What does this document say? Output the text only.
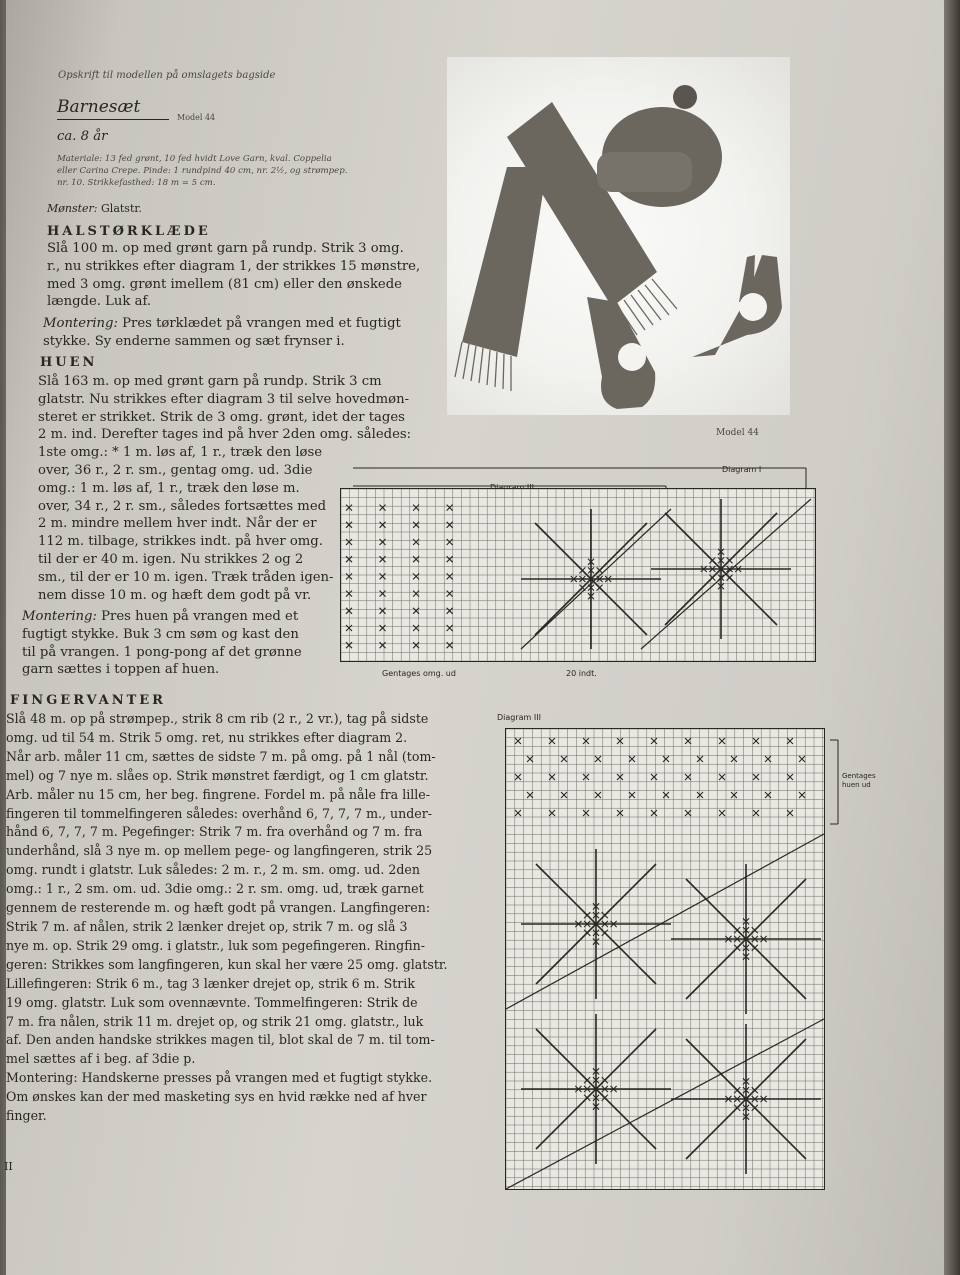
Opskrift til modellen på omslagets bagside

Barnesæt

Model 44

ca. 8 år

Materiale: 13 fed grønt, 10 fed hvidt Love Garn, kval. Coppelia
eller Carina Crepe. Pinde: 1 rundpind 40 cm, nr. 2½, og strømpep.
nr. 10. Strikkefasthed: 18 m = 5 cm.

Mønster: Glatstr.

HALSTØRKLÆDE

Slå 100 m. op med grønt garn på rundp. Strik 3 omg.
r., nu strikkes efter diagram 1, der strikkes 15 mønstre,
med 3 omg. grønt imellem (81 cm) eller den ønskede
længde. Luk af.
Montering: Pres tørklædet på vrangen med et fugtigt
stykke. Sy enderne sammen og sæt frynser i.

HUEN

Slå 163 m. op med grønt garn på rundp. Strik 3 cm
glatstr. Nu strikkes efter diagram 3 til selve hovedmøn-
steret er strikket. Strik de 3 omg. grønt, idet der tages
2 m. ind. Derefter tages ind på hver 2den omg. således:
1ste omg.: * 1 m. løs af, 1 r., træk den løse
over, 36 r., 2 r. sm., gentag omg. ud. 3die
omg.: 1 m. løs af, 1 r., træk den løse m.
over, 34 r., 2 r. sm., således fortsættes med
2 m. mindre mellem hver indt. Når der er
112 m. tilbage, strikkes indt. på hver omg.
til der er 40 m. igen. Nu strikkes 2 og 2
sm., til der er 10 m. igen. Træk tråden igen-
nem disse 10 m. og hæft dem godt på vr.
Montering: Pres huen på vrangen med et
fugtigt stykke. Buk 3 cm søm og kast den
til på vrangen. 1 pong-pong af det grønne
garn sættes i toppen af huen.

FINGERVANTER

Slå 48 m. op på strømpep., strik 8 cm rib (2 r., 2 vr.), tag på sidste
omg. ud til 54 m. Strik 5 omg. ret, nu strikkes efter diagram 2.
Når arb. måler 11 cm, sættes de sidste 7 m. på omg. på 1 nål (tom-
mel) og 7 nye m. slåes op. Strik mønstret færdigt, og 1 cm glatstr.
Arb. måler nu 15 cm, her beg. fingrene. Fordel m. på nåle fra lille-
fingeren til tommelfingeren således: overhånd 6, 7, 7, 7 m., under-
hånd 6, 7, 7, 7 m. Pegefinger: Strik 7 m. fra overhånd og 7 m. fra
underhånd, slå 3 nye m. op mellem pege- og langfingeren, strik 25
omg. rundt i glatstr. Luk således: 2 m. r., 2 m. sm. omg. ud. 2den
omg.: 1 r., 2 sm. om. ud. 3die omg.: 2 r. sm. omg. ud, træk garnet
gennem de resterende m. og hæft godt på vrangen. Langfingeren:
Strik 7 m. af nålen, strik 2 lænker drejet op, strik 7 m. og slå 3
nye m. op. Strik 29 omg. i glatstr., luk som pegefingeren. Ringfin-
geren: Strikkes som langfingeren, kun skal her være 25 omg. glatstr.
Lillefingeren: Strik 6 m., tag 3 lænker drejet op, strik 6 m. Strik
19 omg. glatstr. Luk som ovennævnte. Tommelfingeren: Strik de
7 m. fra nålen, strik 11 m. drejet op, og strik 21 omg. glatstr., luk
af. Den anden handske strikkes magen til, blot skal de 7 m. til tom-
mel sættes af i beg. af 3die p.
Montering: Handskerne presses på vrangen med et fugtigt stykke.
Om ønskes kan der med masketing sys en hvid række ned af hver
finger.

II

Model 44

Diagram I
Gentages omg. ud	20 indt.

Diagram III

Gentages huen ud
